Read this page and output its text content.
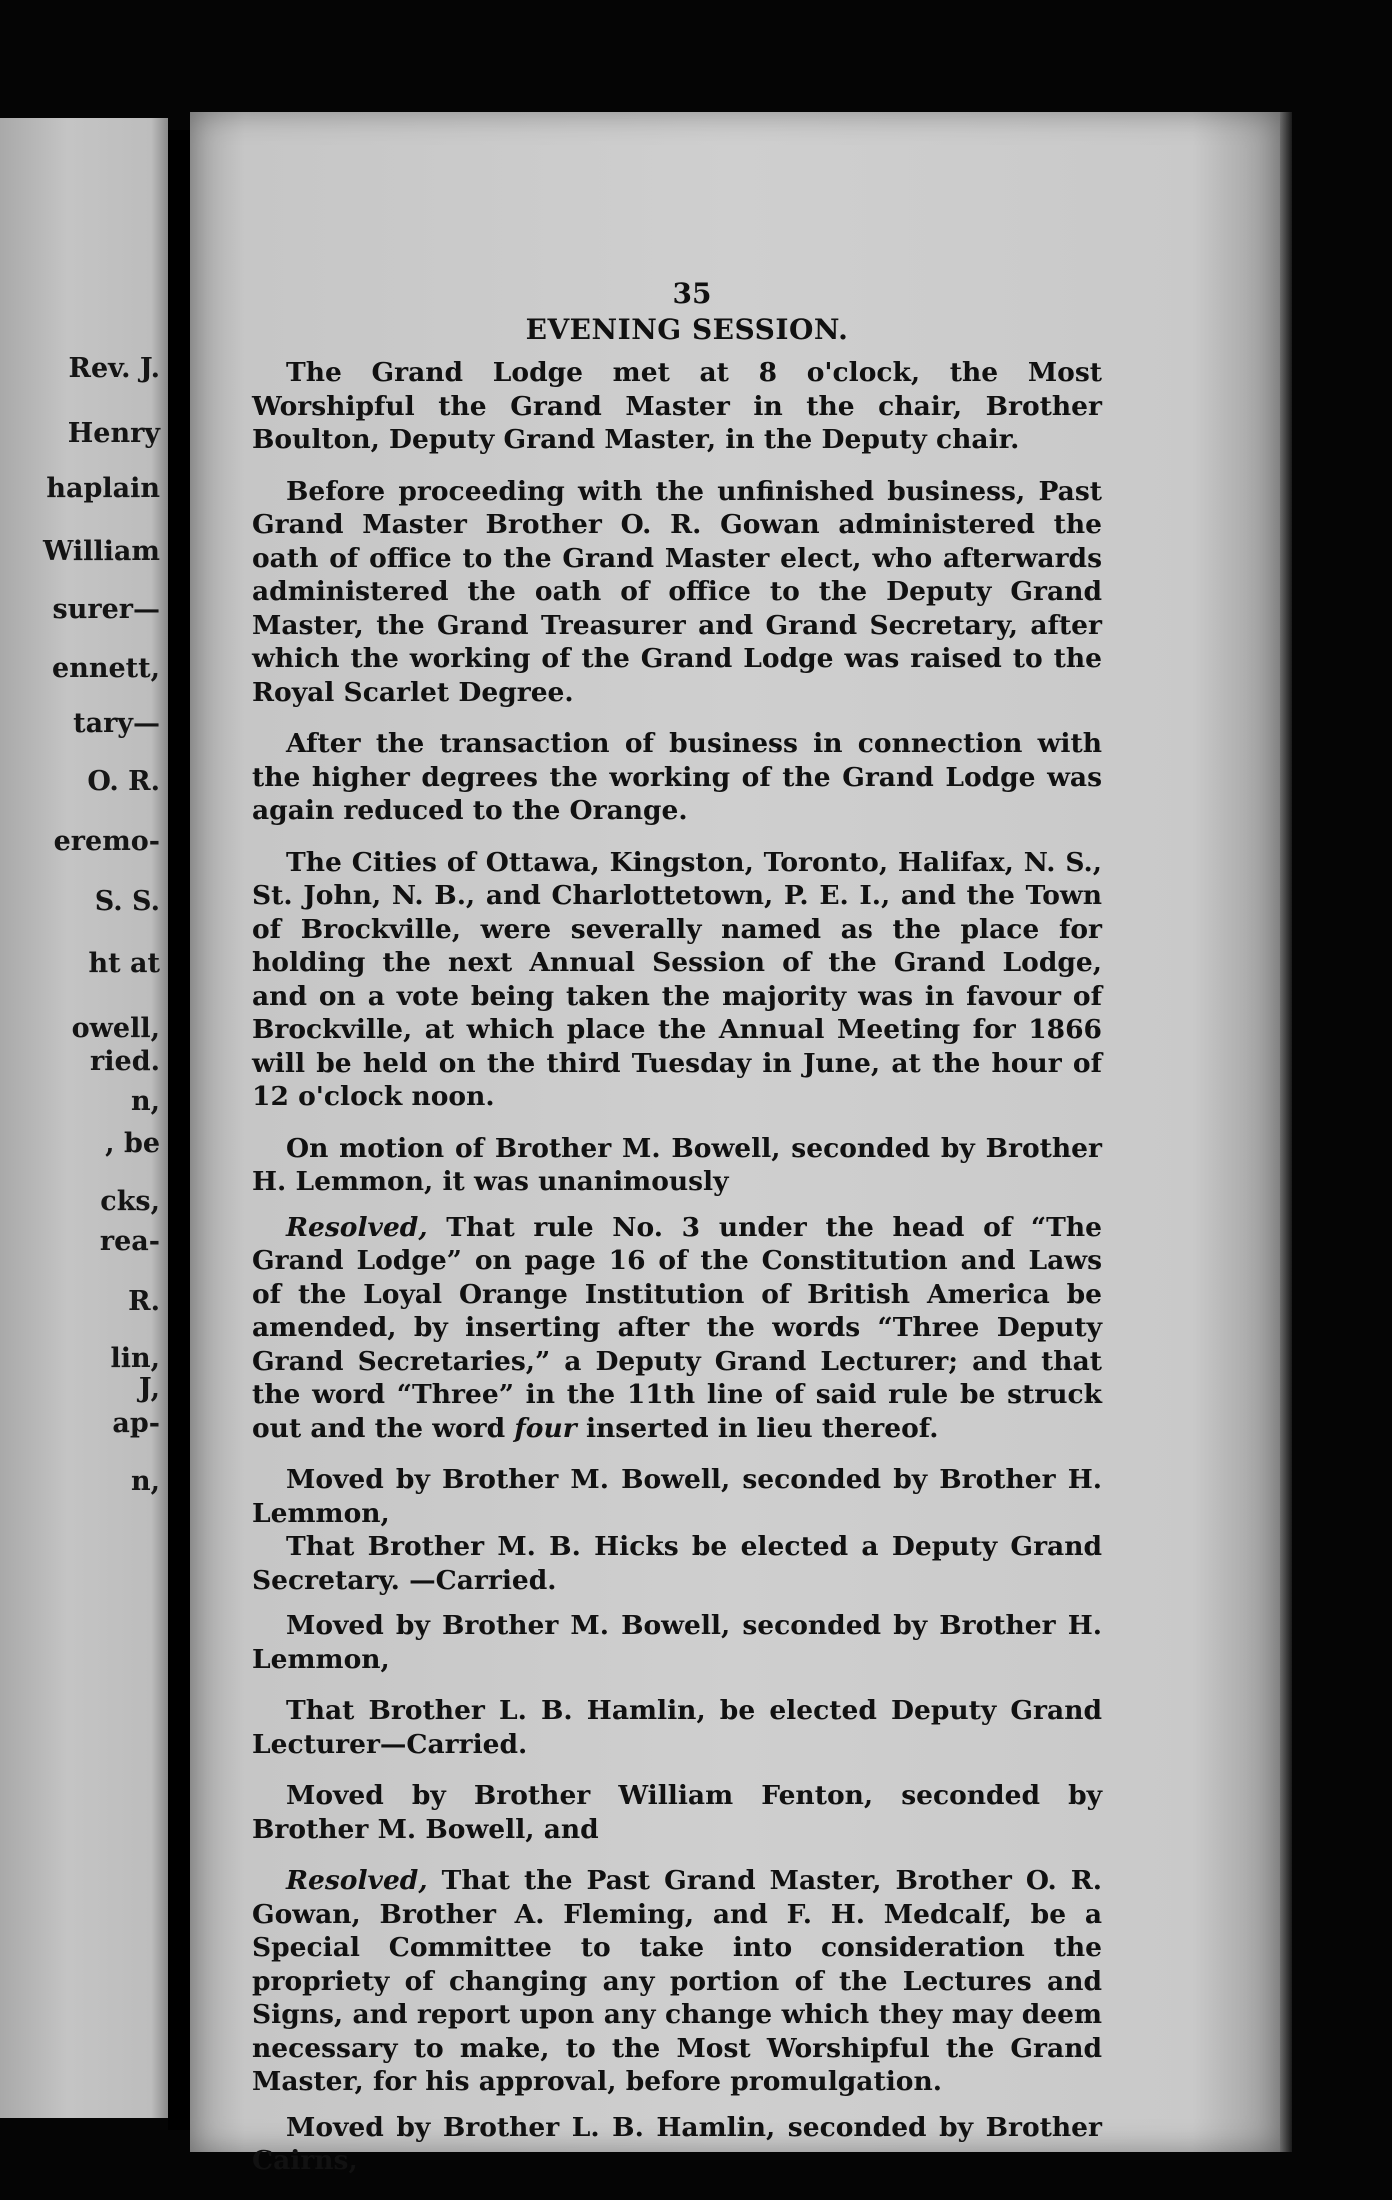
Rev. J.
Henry
haplain
William
surer—
ennett,
tary—
O. R.
eremo-
S. S.
ht at
owell,
ried.
n,
, be
cks,
rea-
R.
lin,
J,
ap-
n,
35
EVENING SESSION.

The Grand Lodge met at 8 o'clock, the Most Worshipful the Grand Master in the chair, Brother Boulton, Deputy Grand Master, in the Deputy chair.

Before proceeding with the unfinished business, Past Grand Master Brother O. R. Gowan administered the oath of office to the Grand Master elect, who afterwards administered the oath of office to the Deputy Grand Master, the Grand Treasurer and Grand Secretary, after which the working of the Grand Lodge was raised to the Royal Scarlet Degree.

After the transaction of business in connection with the higher degrees the working of the Grand Lodge was again reduced to the Orange.

The Cities of Ottawa, Kingston, Toronto, Halifax, N. S., St. John, N. B., and Charlottetown, P. E. I., and the Town of Brockville, were severally named as the place for holding the next Annual Session of the Grand Lodge, and on a vote being taken the majority was in favour of Brockville, at which place the Annual Meeting for 1866 will be held on the third Tuesday in June, at the hour of 12 o'clock noon.

On motion of Brother M. Bowell, seconded by Brother H. Lemmon, it was unanimously

Resolved, That rule No. 3 under the head of “The Grand Lodge” on page 16 of the Constitution and Laws of the Loyal Orange Institution of British America be amended, by inserting after the words “Three Deputy Grand Secretaries,” a Deputy Grand Lecturer; and that the word “Three” in the 11th line of said rule be struck out and the word four inserted in lieu thereof.

Moved by Brother M. Bowell, seconded by Brother H. Lemmon,

That Brother M. B. Hicks be elected a Deputy Grand Secretary. —Carried.

Moved by Brother M. Bowell, seconded by Brother H. Lemmon,

That Brother L. B. Hamlin, be elected Deputy Grand Lecturer—Carried.

Moved by Brother William Fenton, seconded by Brother M. Bowell, and

Resolved, That the Past Grand Master, Brother O. R. Gowan, Brother A. Fleming, and F. H. Medcalf, be a Special Committee to take into consideration the propriety of changing any portion of the Lectures and Signs, and report upon any change which they may deem necessary to make, to the Most Worshipful the Grand Master, for his approval, before promulgation.

Moved by Brother L. B. Hamlin, seconded by Brother Cairns,
